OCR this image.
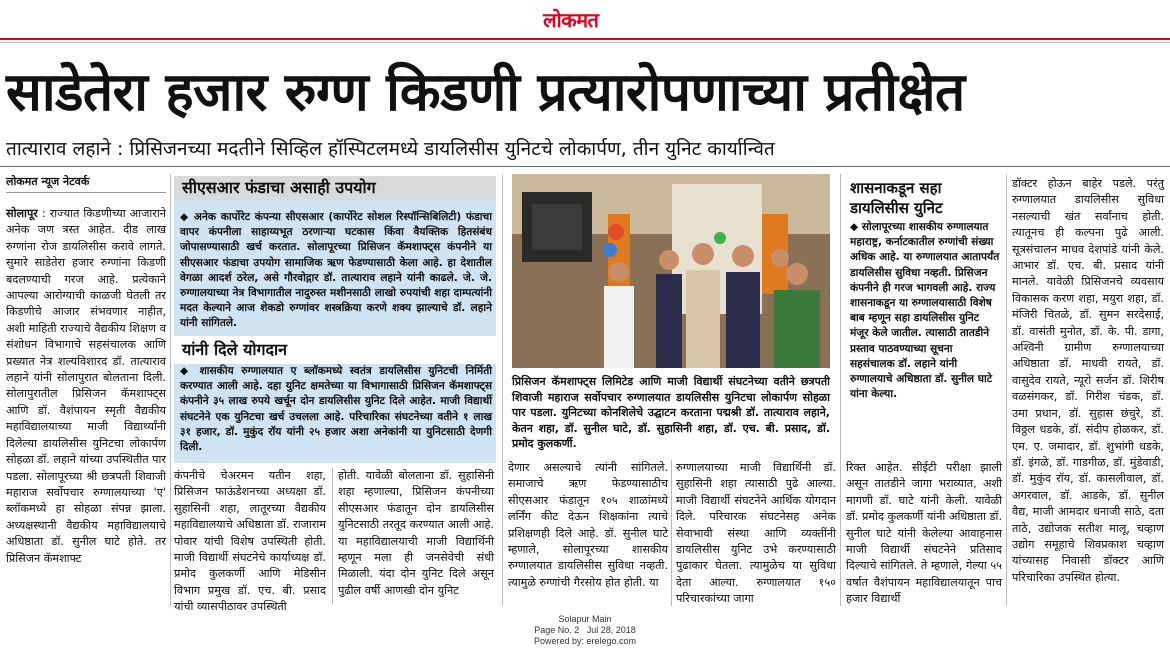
लोकमत
साडेतेरा हजार रुग्ण किडणी प्रत्यारोपणाच्या प्रतीक्षेत
तात्याराव लहाने : प्रिसिजनच्या मदतीने सिव्हिल हॉस्पिटलमध्ये डायलिसीस युनिटचे लोकार्पण, तीन युनिट कार्यान्वित
लोकमत न्यूज नेटवर्क
सोलापूर : राज्यात किडणीच्या आजाराने अनेक जण त्रस्त आहेत. दीड लाख रुग्णांना रोज डायलिसीस करावे लागते. सुमारे साडेतेरा हजार रुग्णांना किडणी बदलण्याची गरज आहे. प्रत्येकाने आपल्या आरोग्याची काळजी घेतली तर किडणीचे आजार संभवणार नाहीत, अशी माहिती राज्याचे वैद्यकीय शिक्षण व संशोधन विभागाचे सहसंचालक आणि प्रख्यात नेत्र शल्यविशारद डॉ. तात्याराव लहाने यांनी सोलापुरात बोलताना दिली. सोलापुरातील प्रिसिजन कॅमशाफ्ट्स आणि डॉ. वैशंपायन स्मृती वैद्यकीय महाविद्यालयाच्या माजी विद्यार्थ्यांनी दिलेल्या डायलिसीस युनिटचा लोकार्पण सोहळा डॉ. लहाने यांच्या उपस्थितीत पार पडला. सोलापूरच्या श्री छत्रपती शिवाजी महाराज सर्वोपचार रुग्णालयाच्या 'ए' ब्लॉकमध्ये हा सोहळा संपन्न झाला. अध्यक्षस्थानी वैद्यकीय महाविद्यालयाचे अधिष्ठाता डॉ. सुनील घाटे होते. तर प्रिसिजन कॅमशाफ्ट
सीएसआर फंडाचा असाही उपयोग
◆ अनेक कार्पोरेट कंपन्या सीएसआर (कार्पोरेट सोशल रिस्पॉन्सिबिलिटी) फंडाचा वापर कंपनीला साहाय्यभूत ठरणाऱ्या घटकास किंवा वैयक्तिक हितसंबंध जोपासण्यासाठी खर्च करतात. सोलापूरच्या प्रिसिजन कॅमशाफ्ट्स कंपनीने या सीएसआर फंडाचा उपयोग सामाजिक ऋण फेडण्यासाठी केला आहे. हा देशातील वेगळा आदर्श ठरेल, असे गौरवोद्गार डॉ. तात्याराव लहाने यांनी काढले. जे. जे. रुग्णालयाच्या नेत्र विभागातील नादुरुस्त मशीनसाठी लाखो रुपयांची शहा दाम्पत्यांनी मदत केल्याने आज शेकडो रुग्णांवर शस्त्रक्रिया करणे शक्य झाल्याचे डॉ. लहाने यांनी सांगितले.
यांनी दिले योगदान
◆ शासकीय रुग्णालयात ए ब्लॉकमध्ये स्वतंत्र डायलिसीस युनिटची निर्मिती करण्यात आली आहे. दहा युनिट क्षमतेच्या या विभागासाठी प्रिसिजन कॅमशाफ्ट्स कंपनीने ३५ लाख रुपये खर्चून दोन डायलिसीस युनिट दिले आहेत. माजी विद्यार्थी संघटनेने एक युनिटचा खर्च उचलला आहे. परिचारिका संघटनेच्या वतीने १ लाख ३१ हजार, डॉ. मुकुंद रॉय यांनी २५ हजार अशा अनेकांनी या युनिटसाठी देणगी दिली.
कंपनीचे चेअरमन यतीन शहा, प्रिसिजन फाऊंडेशनच्या अध्यक्षा डॉ. सुहासिनी शहा, लातूरच्या वैद्यकीय महाविद्यालयाचे अधिष्ठाता डॉ. राजाराम पोवार यांची विशेष उपस्थिती होती. माजी विद्यार्थी संघटनेचे कार्याध्यक्ष डॉ. प्रमोद कुलकर्णी आणि मेडिसीन विभाग प्रमुख डॉ. एच. बी. प्रसाद यांची व्यासपीठावर उपस्थिती
होती. यावेळी बोलताना डॉ. सुहासिनी शहा म्हणाल्या, प्रिसिजन कंपनीच्या सीएसआर फंडातून दोन डायलिसीस युनिटसाठी तरतूद करण्यात आली आहे. या महाविद्यालयाची माजी विद्यार्थिनी म्हणून मला ही जनसेवेची संधी मिळाली. यंदा दोन युनिट दिले असून पुढील वर्षी आणखी दोन युनिट
प्रिसिजन कॅमशाफ्ट्स लिमिटेड आणि माजी विद्यार्थी संघटनेच्या वतीने छत्रपती शिवाजी महाराज सर्वोपचार रुग्णालयात डायलिसीस युनिटचा लोकार्पण सोहळा पार पडला. युनिटच्या कोनशिलेचे उद्घाटन करताना पद्मश्री डॉ. तात्याराव लहाने, केतन शहा, डॉ. सुनील घाटे, डॉ. सुहासिनी शहा, डॉ. एच. बी. प्रसाद, डॉ. प्रमोद कुलकर्णी.
देणार असल्याचे त्यांनी सांगितले. समाजाचे ऋण फेडण्यासाठीच सीएसआर फंडातून १०५ शाळांमध्ये लर्निंग कीट देऊन शिक्षकांना त्याचे प्रशिक्षणही दिले आहे. डॉ. सुनील घाटे म्हणाले, सोलापूरच्या शासकीय रुग्णालयात डायलिसीस सुविधा नव्हती. त्यामुळे रुग्णांची गैरसोय होत होती. या
रुग्णालयाच्या माजी विद्यार्थिनी डॉ. सुहासिनी शहा त्यासाठी पुढे आल्या. माजी विद्यार्थी संघटनेने आर्थिक योगदान दिले. परिचारक संघटनेसह अनेक सेवाभावी संस्था आणि व्यक्तींनी डायलिसीस युनिट उभे करण्यासाठी पुढाकार घेतला. त्यामुळेच या सुविधा देता आल्या. रुग्णालयात १५० परिचारकांच्या जागा
शासनाकडून सहा डायलिसीस युनिट
◆ सोलापूरच्या शासकीय रुग्णालयात महाराष्ट्र, कर्नाटकातील रुग्णांची संख्या अधिक आहे. या रुग्णालयात आतापर्यंत डायलिसीस सुविधा नव्हती. प्रिसिजन कंपनीने ही गरज भागवली आहे. राज्य शासनाकडून या रुग्णालयासाठी विशेष बाब म्हणून सहा डायलिसीस युनिट मंजूर केले जातील. त्यासाठी तातडीने प्रस्ताव पाठवण्याच्या सूचना सहसंचालक डॉ. लहाने यांनी रुग्णालयाचे अधिष्ठाता डॉ. सुनील घाटे यांना केल्या.
रिक्त आहेत. सीईटी परीक्षा झाली असून तातडीने जागा भराव्यात, अशी मागणी डॉ. घाटे यांनी केली. यावेळी डॉ. प्रमोद कुलकर्णी यांनी अधिष्ठाता डॉ. सुनील घाटे यांनी केलेल्या आवाहनास माजी विद्यार्थी संघटनेने प्रतिसाद दिल्याचे सांगितले. ते म्हणाले, गेल्या ५५ वर्षात वैशंपायन महाविद्यालयातून पाच हजार विद्यार्थी
डॉक्टर होऊन बाहेर पडले. परंतु रुग्णालयात डायलिसीस सुविधा नसल्याची खंत सर्वांनाच होती. त्यातूनच ही कल्पना पुढे आली. सूत्रसंचालन माधव देशपांडे यांनी केले. आभार डॉ. एच. बी. प्रसाद यांनी मानले. यावेळी प्रिसिजनचे व्यवसाय विकासक करण शहा, मयुरा शहा, डॉ. मंजिरी चितळे, डॉ. सुमन सरदेसाई, डॉ. वासंती मुनोत, डॉ. के. पी. डागा, अश्विनी ग्रामीण रुग्णालयाच्या अधिष्ठाता डॉ. माधवी रायते, डॉ. वासुदेव रायते, न्यूरो सर्जन डॉ. शिरीष वळसंगकर, डॉ. गिरीश चंडक, डॉ. उमा प्रधान, डॉ. सुहास छंचुरे, डॉ. विठ्ठल धडके, डॉ. संदीप होळकर, डॉ. एम. ए. जमादार, डॉ. शुभांगी धडके, डॉ. इंगळे, डॉ. गाडगीळ, डॉ. मुंडेवाडी, डॉ. मुकुंद रॉय, डॉ. कासलीवाल, डॉ. अगरवाल, डॉ. आडके, डॉ. सुनील वैद्य, माजी आमदार धनाजी साठे, दता ताठे, उद्योजक सतीश मालू, चव्हाण उद्योग समूहाचे शिवप्रकाश चव्हाण यांच्यासह निवासी डॉक्टर आणि परिचारिका उपस्थित होत्या.
Solapur Main
Page No. 2 Jul 28, 2018
Powered by: erelego.com
